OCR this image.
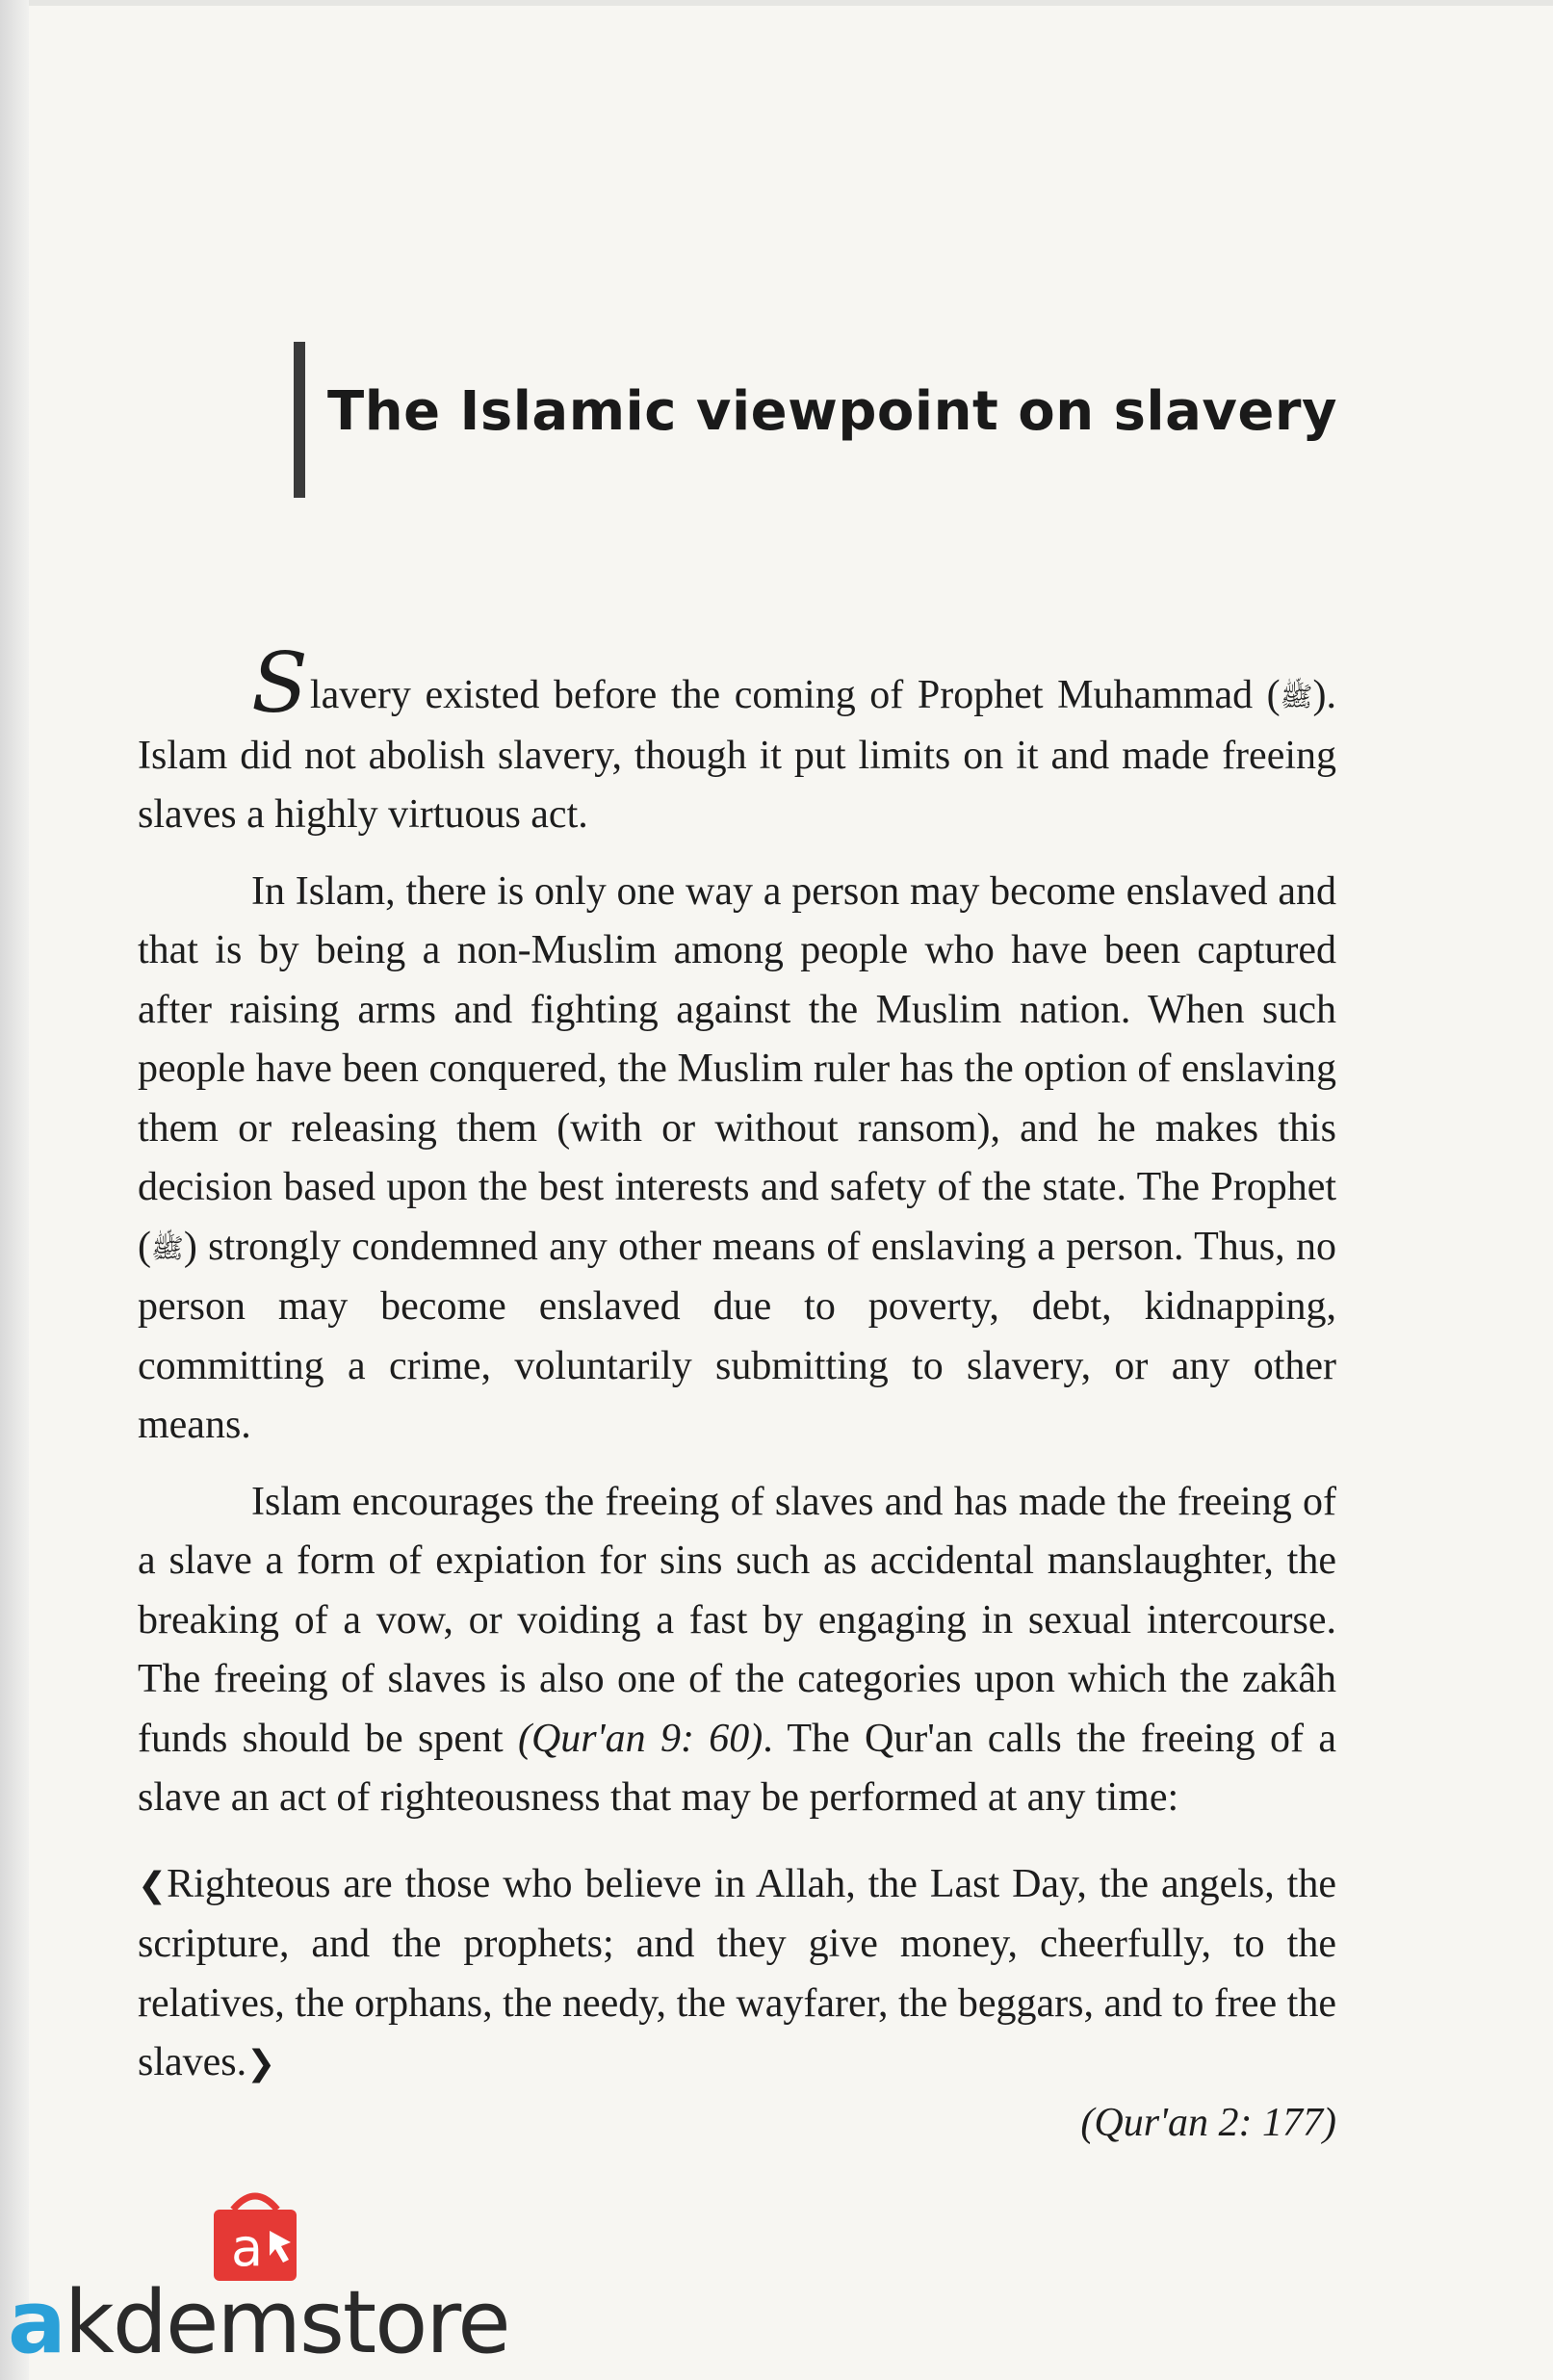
The Islamic viewpoint on slavery

Slavery existed before the coming of Prophet Muhammad (ﷺ). Islam did not abolish slavery, though it put limits on it and made freeing slaves a highly virtuous act.

In Islam, there is only one way a person may become enslaved and that is by being a non-Muslim among people who have been captured after raising arms and fighting against the Muslim nation. When such people have been conquered, the Muslim ruler has the option of enslaving them or releasing them (with or without ransom), and he makes this decision based upon the best interests and safety of the state. The Prophet (ﷺ) strongly condemned any other means of enslaving a person. Thus, no person may become enslaved due to poverty, debt, kidnapping, committing a crime, voluntarily submitting to slavery, or any other means.

Islam encourages the freeing of slaves and has made the freeing of a slave a form of expiation for sins such as accidental manslaughter, the breaking of a vow, or voiding a fast by engaging in sexual intercourse. The freeing of slaves is also one of the categories upon which the zakâh funds should be spent (Qur'an 9: 60). The Qur'an calls the freeing of a slave an act of righteousness that may be performed at any time:

❮Righteous are those who believe in Allah, the Last Day, the angels, the scripture, and the prophets; and they give money, cheerfully, to the relatives, the orphans, the needy, the wayfarer, the beggars, and to free the slaves.❯

(Qur'an 2: 177)
a
akdemstore
